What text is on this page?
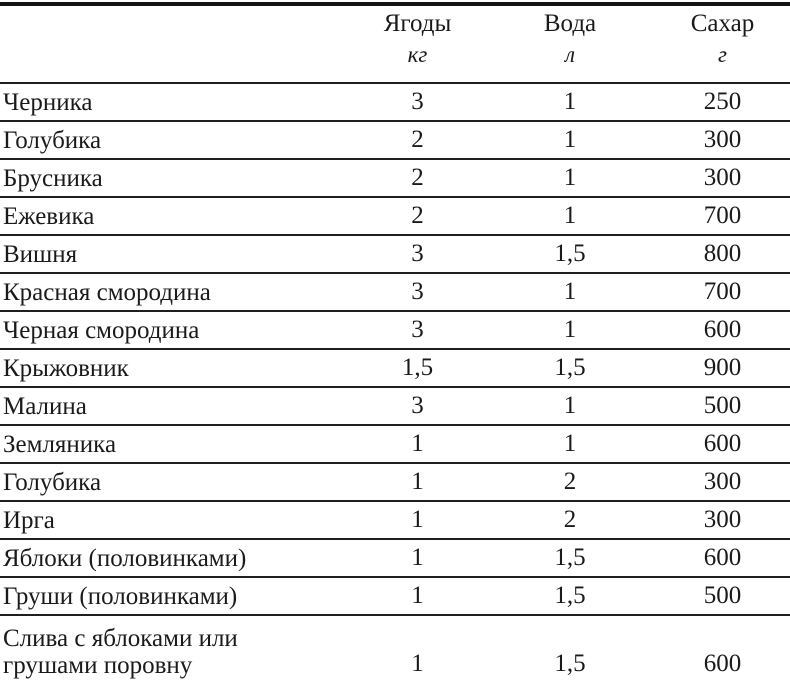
	Ягоды	Вода	Сахар
	кг	л	г
Черника	3	1	250
Голубика	2	1	300
Брусника	2	1	300
Ежевика	2	1	700
Вишня	3	1,5	800
Красная смородина	3	1	700
Черная смородина	3	1	600
Крыжовник	1,5	1,5	900
Малина	3	1	500
Земляника	1	1	600
Голубика	1	2	300
Ирга	1	2	300
Яблоки (половинками)	1	1,5	600
Груши (половинками)	1	1,5	500

Слива с яблоками или
грушами поровну	1	1,5	600
